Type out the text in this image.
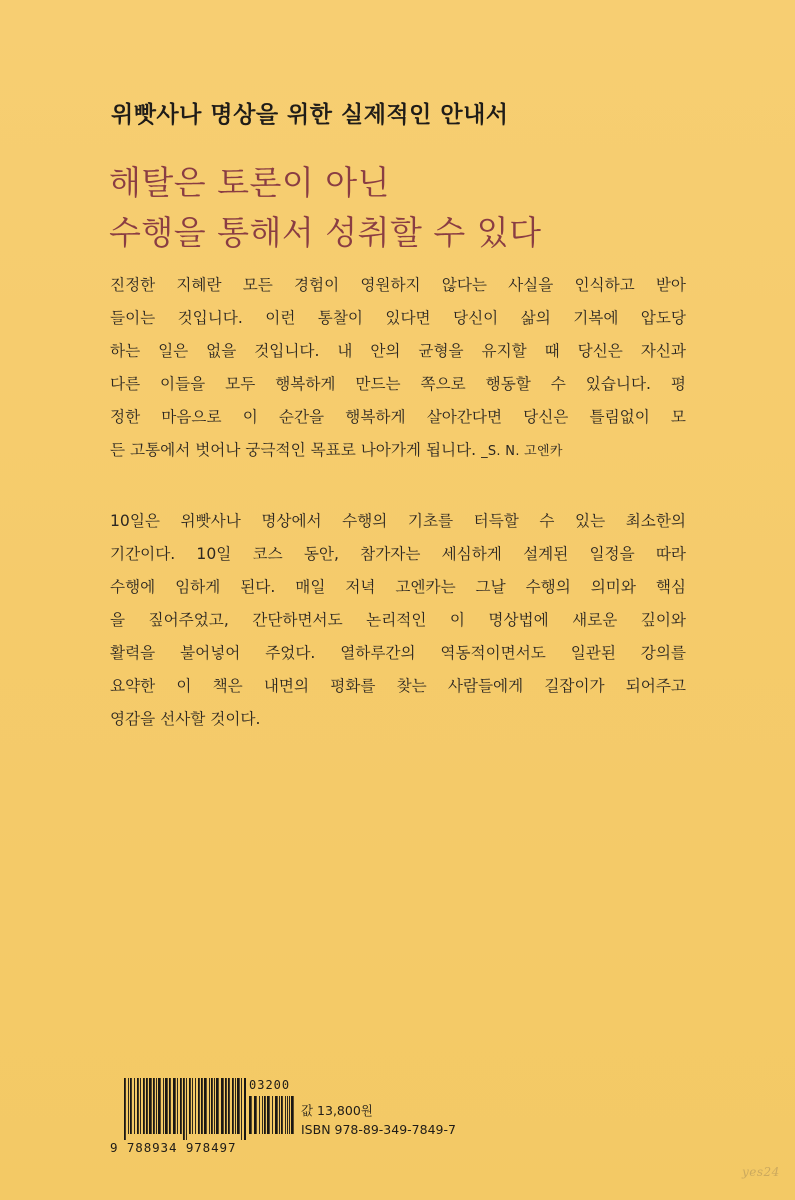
위빳사나 명상을 위한 실제적인 안내서
해탈은 토론이 아닌
수행을 통해서 성취할 수 있다
진정한 지혜란 모든 경험이 영원하지 않다는 사실을 인식하고 받아
들이는 것입니다. 이런 통찰이 있다면 당신이 삶의 기복에 압도당
하는 일은 없을 것입니다. 내 안의 균형을 유지할 때 당신은 자신과
다른 이들을 모두 행복하게 만드는 쪽으로 행동할 수 있습니다. 평
정한 마음으로 이 순간을 행복하게 살아간다면 당신은 틀림없이 모
든 고통에서 벗어나 궁극적인 목표로 나아가게 됩니다. _S. N. 고엔카
10일은 위빳사나 명상에서 수행의 기초를 터득할 수 있는 최소한의
기간이다. 10일 코스 동안, 참가자는 세심하게 설계된 일정을 따라
수행에 임하게 된다. 매일 저녁 고엔카는 그날 수행의 의미와 핵심
을 짚어주었고, 간단하면서도 논리적인 이 명상법에 새로운 깊이와
활력을 불어넣어 주었다. 열하루간의 역동적이면서도 일관된 강의를
요약한 이 책은 내면의 평화를 찾는 사람들에게 길잡이가 되어주고
영감을 선사할 것이다.
03200
9 788934 978497
값 13,800원
ISBN 978-89-349-7849-7
yes24
